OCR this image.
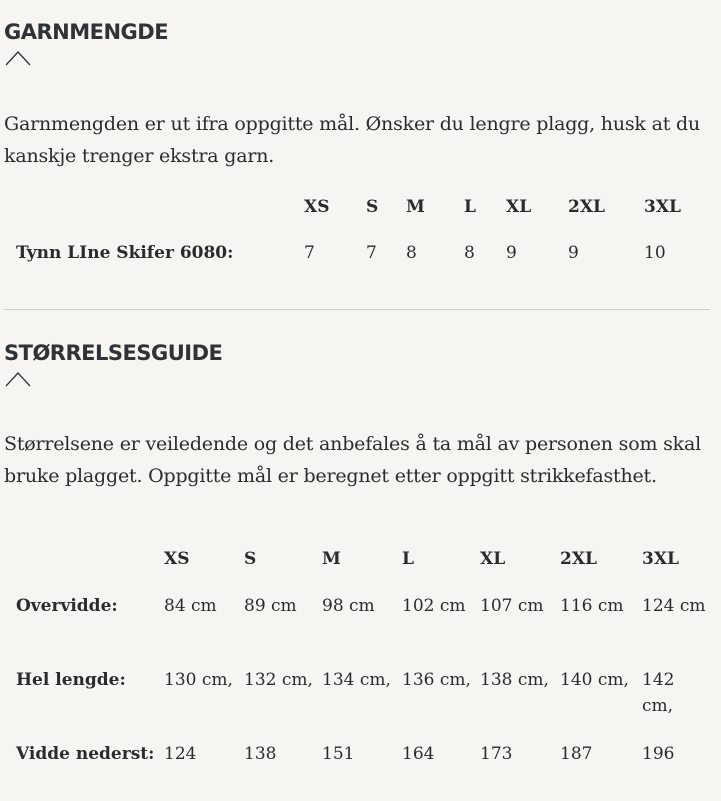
GARNMENGDE

Garnmengden er ut ifra oppgitte mål. Ønsker du lengre plagg, husk at du kanskje trenger ekstra garn.

	XS	S	M	L	XL	2XL	3XL
Tynn LIne Skifer 6080:	7	7	8	8	9	9	10
STØRRELSESGUIDE

Størrelsene er veiledende og det anbefales å ta mål av personen som skal bruke plagget. Oppgitte mål er beregnet etter oppgitt strikkefasthet.

	XS	S	M	L	XL	2XL	3XL
Overvidde:	84 cm	89 cm	98 cm	102 cm	107 cm	116 cm	124 cm
Hel lengde:	130 cm,	132 cm,	134 cm,	136 cm,	138 cm,	140 cm,	142 cm,
Vidde nederst:	124	138	151	164	173	187	196
